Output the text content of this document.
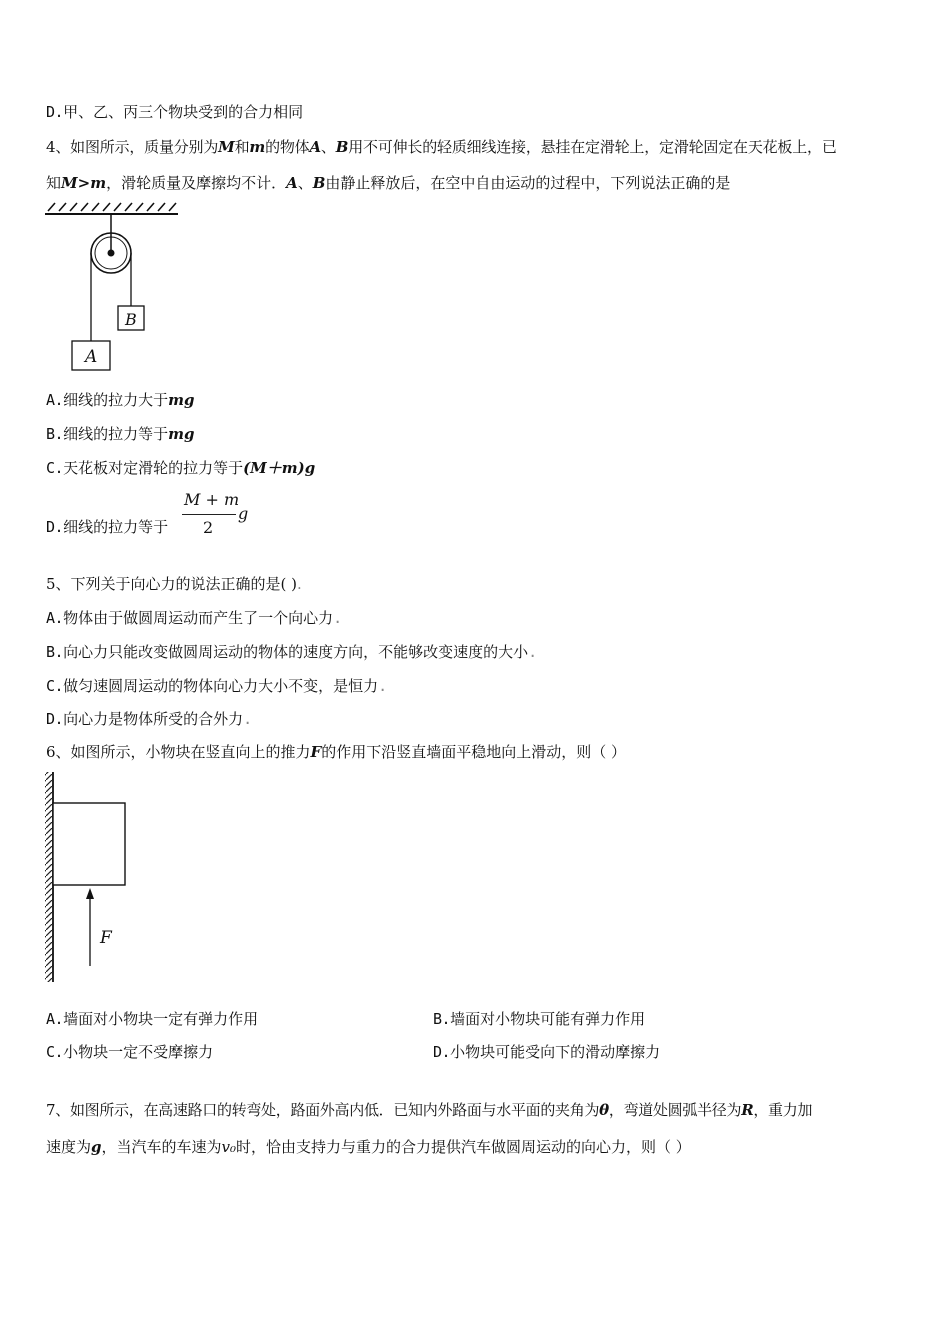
D.甲、乙、丙三个物块受到的合力相同
4、如图所示，质量分别为M和m的物体A、B用不可伸长的轻质细线连接，悬挂在定滑轮上，定滑轮固定在天花板上，已
知M>m，滑轮质量及摩擦均不计．A、B由静止释放后，在空中自由运动的过程中，下列说法正确的是
B
A
A.细线的拉力大于mg
B.细线的拉力等于mg
C.天花板对定滑轮的拉力等于(M＋m)g
D.细线的拉力等于
M + m
2
g
5、下列关于向心力的说法正确的是( ).
A.物体由于做圆周运动而产生了一个向心力.
B.向心力只能改变做圆周运动的物体的速度方向，不能够改变速度的大小.
C.做匀速圆周运动的物体向心力大小不变，是恒力.
D.向心力是物体所受的合外力.
6、如图所示，小物块在竖直向上的推力F的作用下沿竖直墙面平稳地向上滑动，则（ ）
F
A.墙面对小物块一定有弹力作用	B.墙面对小物块可能有弹力作用
C.小物块一定不受摩擦力	D.小物块可能受向下的滑动摩擦力
7、如图所示，在高速路口的转弯处，路面外高内低．已知内外路面与水平面的夹角为θ，弯道处圆弧半径为R，重力加
速度为g，当汽车的车速为v₀时，恰由支持力与重力的合力提供汽车做圆周运动的向心力，则（ ）
